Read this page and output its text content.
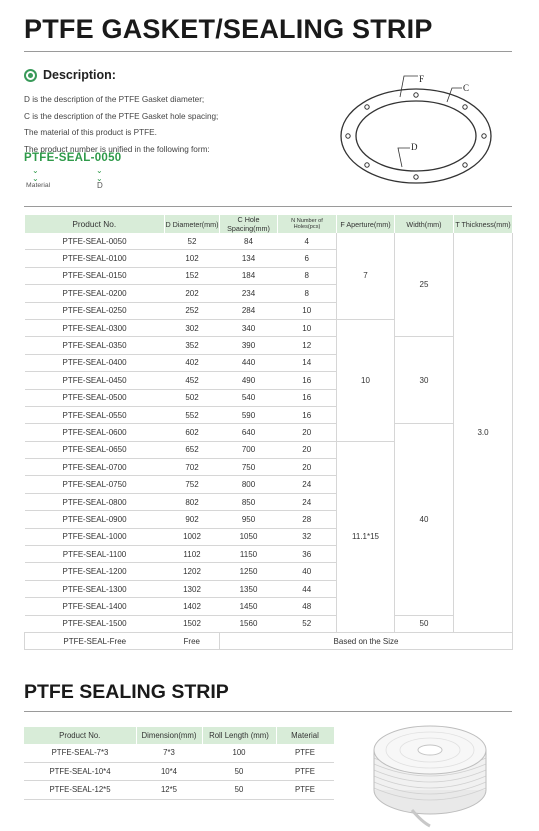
PTFE GASKET/SEALING STRIP
Description:
D is the description of the PTFE Gasket diameter;
C is the description of the PTFE Gasket hole spacing;
The material of this product is PTFE.
The product number is unified in the following form:
PTFE-SEAL-0050
⌄
⌄
⌄
⌄
Material	D
F
C
D
Product No.	D Diameter(mm)	C Hole Spacing(mm)	N Number of Holes(pcs)	F Aperture(mm)	Width(mm)	T Thickness(mm)
PTFE-SEAL-0050	52	84	4	7	25	3.0
PTFE-SEAL-0100	102	134	6			
PTFE-SEAL-0150	152	184	8			
PTFE-SEAL-0200	202	234	8			
PTFE-SEAL-0250	252	284	10			
PTFE-SEAL-0300	302	340	10	10		
PTFE-SEAL-0350	352	390	12		30	
PTFE-SEAL-0400	402	440	14			
PTFE-SEAL-0450	452	490	16			
PTFE-SEAL-0500	502	540	16			
PTFE-SEAL-0550	552	590	16			
PTFE-SEAL-0600	602	640	20		40	
PTFE-SEAL-0650	652	700	20	11.1*15		
PTFE-SEAL-0700	702	750	20			
PTFE-SEAL-0750	752	800	24			
PTFE-SEAL-0800	802	850	24			
PTFE-SEAL-0900	902	950	28			
PTFE-SEAL-1000	1002	1050	32			
PTFE-SEAL-1100	1102	1150	36			
PTFE-SEAL-1200	1202	1250	40			
PTFE-SEAL-1300	1302	1350	44			
PTFE-SEAL-1400	1402	1450	48			
PTFE-SEAL-1500	1502	1560	52		50	
PTFE-SEAL-Free	Free	Based on the Size				
PTFE SEALING STRIP
Product No.	Dimension(mm)	Roll Length (mm)	Material
PTFE-SEAL-7*3	7*3	100	PTFE
PTFE-SEAL-10*4	10*4	50	PTFE
PTFE-SEAL-12*5	12*5	50	PTFE
